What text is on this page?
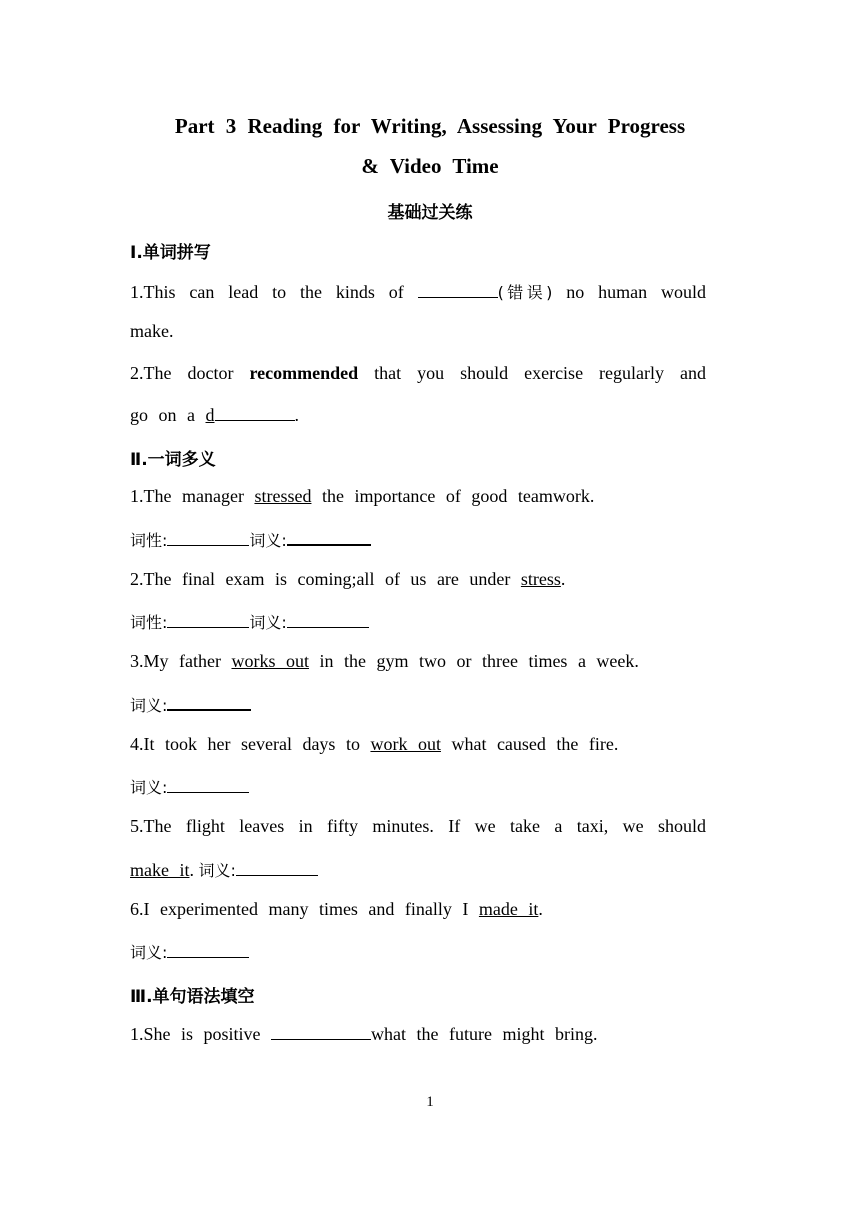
Part 3 Reading for Writing, Assessing Your Progress
& Video Time
基础过关练
Ⅰ.单词拼写
1.This can lead to the kinds of	(错误) no human would
make.
2.The doctor recommended that you should exercise regularly and
go on a d	.
Ⅱ.一词多义
1.The manager stressed the importance of good teamwork.
词性:	词义:
2.The final exam is coming;all of us are under stress.
词性:	词义:
3.My father works out in the gym two or three times a week.
词义:
4.It took her several days to work out what caused the fire.
词义:
5.The flight leaves in fifty minutes. If we take a taxi, we should
make it. 词义:
6.I experimented many times and finally I made it.
词义:
Ⅲ.单句语法填空
1.She is positive	what the future might bring.
1
